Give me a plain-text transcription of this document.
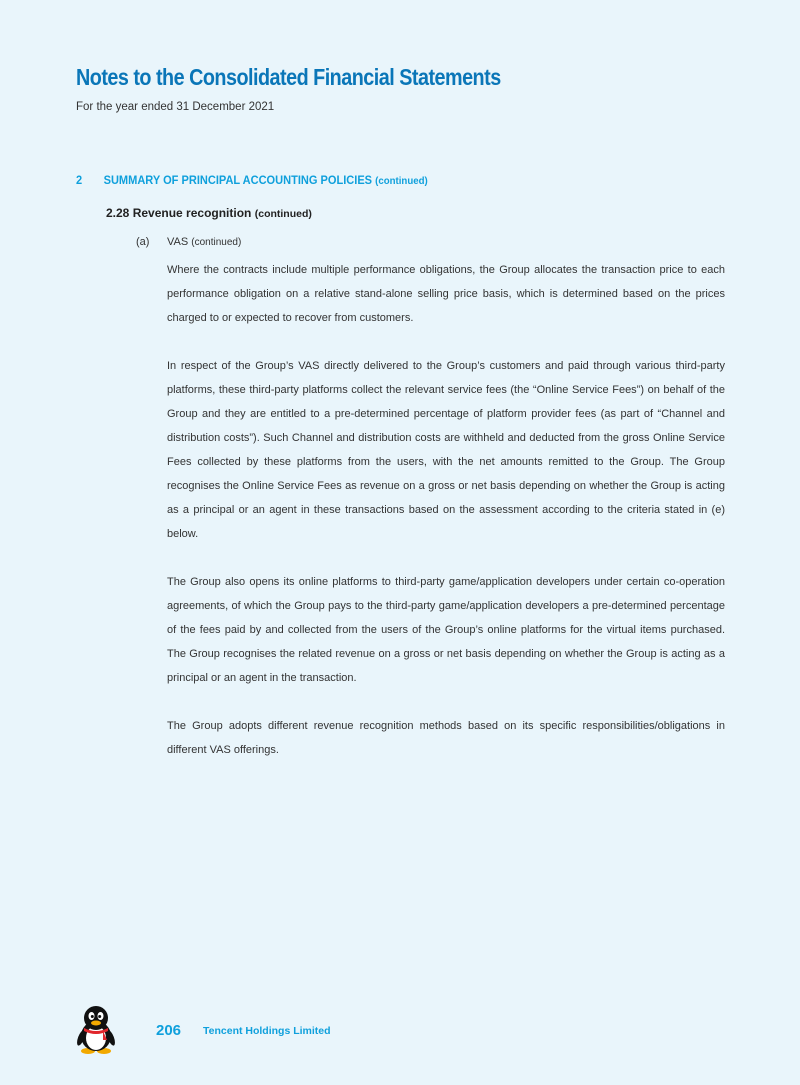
Notes to the Consolidated Financial Statements
For the year ended 31 December 2021
2 SUMMARY OF PRINCIPAL ACCOUNTING POLICIES (continued)
2.28 Revenue recognition (continued)
(a) VAS (continued)

Where the contracts include multiple performance obligations, the Group allocates the transaction price to each performance obligation on a relative stand-alone selling price basis, which is determined based on the prices charged to or expected to recover from customers.

In respect of the Group’s VAS directly delivered to the Group’s customers and paid through various third-party platforms, these third-party platforms collect the relevant service fees (the “Online Service Fees”) on behalf of the Group and they are entitled to a pre-determined percentage of platform provider fees (as part of “Channel and distribution costs”). Such Channel and distribution costs are withheld and deducted from the gross Online Service Fees collected by these platforms from the users, with the net amounts remitted to the Group. The Group recognises the Online Service Fees as revenue on a gross or net basis depending on whether the Group is acting as a principal or an agent in these transactions based on the assessment according to the criteria stated in (e) below.

The Group also opens its online platforms to third-party game/application developers under certain co-operation agreements, of which the Group pays to the third-party game/application developers a pre-determined percentage of the fees paid by and collected from the users of the Group’s online platforms for the virtual items purchased. The Group recognises the related revenue on a gross or net basis depending on whether the Group is acting as a principal or an agent in the transaction.

The Group adopts different revenue recognition methods based on its specific responsibilities/obligations in different VAS offerings.

206 Tencent Holdings Limited
